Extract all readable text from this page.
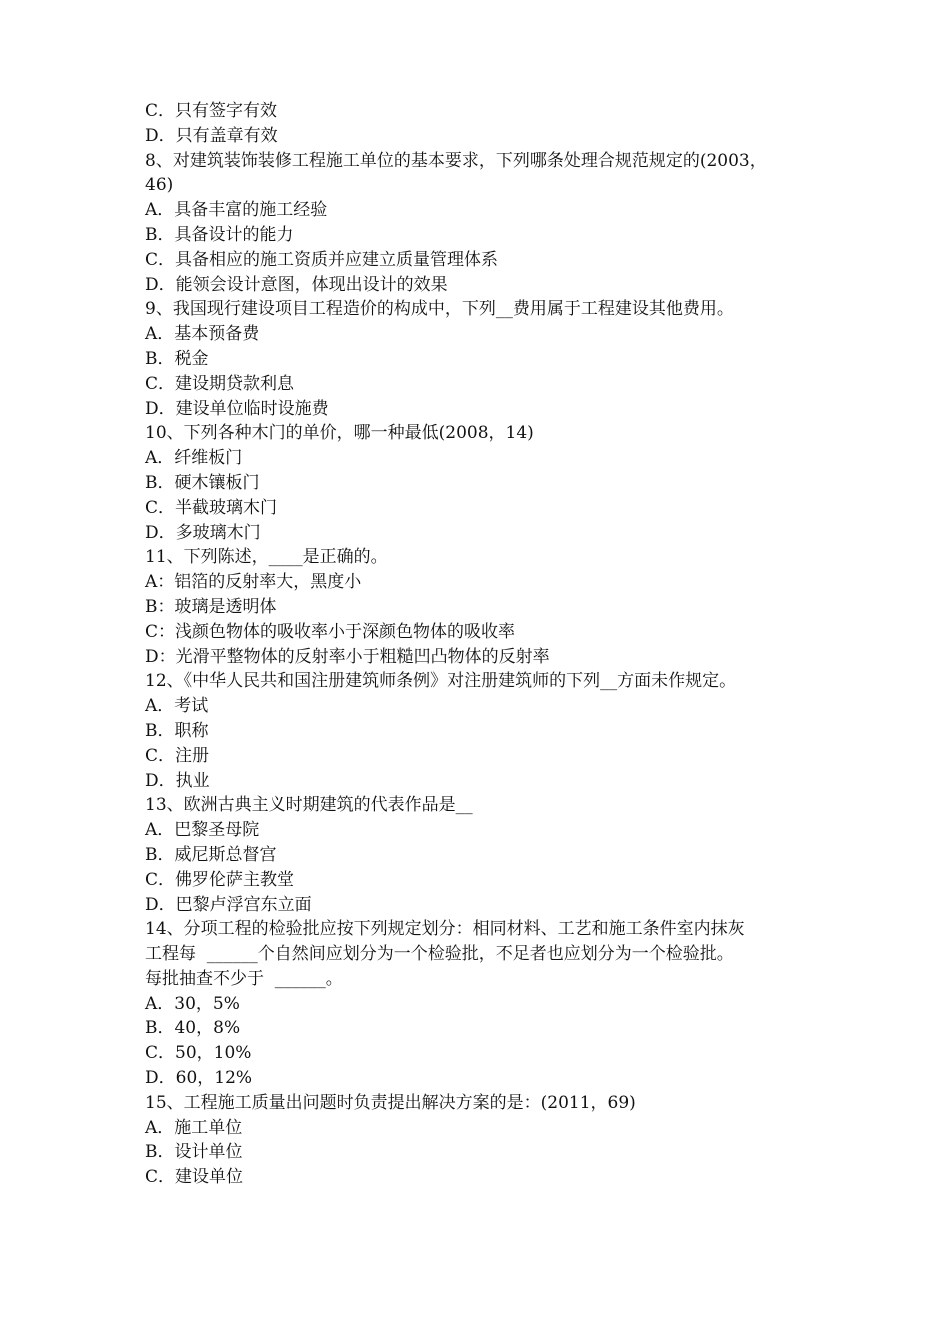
C．只有签字有效
D．只有盖章有效
8、对建筑装饰装修工程施工单位的基本要求，下列哪条处理合规范规定的(2003，
46)
A．具备丰富的施工经验
B．具备设计的能力
C．具备相应的施工资质并应建立质量管理体系
D．能领会设计意图，体现出设计的效果
9、我国现行建设项目工程造价的构成中，下列__费用属于工程建设其他费用。
A．基本预备费
B．税金
C．建设期贷款利息
D．建设单位临时设施费
10、下列各种木门的单价，哪一种最低(2008，14)
A．纤维板门
B．硬木镶板门
C．半截玻璃木门
D．多玻璃木门
11、下列陈述，____是正确的。
A：铝箔的反射率大，黑度小
B：玻璃是透明体
C：浅颜色物体的吸收率小于深颜色物体的吸收率
D：光滑平整物体的反射率小于粗糙凹凸物体的反射率
12、《中华人民共和国注册建筑师条例》对注册建筑师的下列__方面未作规定。
A．考试
B．职称
C．注册
D．执业
13、欧洲古典主义时期建筑的代表作品是__
A．巴黎圣母院
B．威尼斯总督宫
C．佛罗伦萨主教堂
D．巴黎卢浮宫东立面
14、分项工程的检验批应按下列规定划分：相同材料、工艺和施工条件室内抹灰
工程每  ______个自然间应划分为一个检验批，不足者也应划分为一个检验批。
每批抽查不少于  ______。
A．30，5%
B．40，8%
C．50，10%
D．60，12%
15、工程施工质量出问题时负责提出解决方案的是：(2011，69)
A．施工单位
B．设计单位
C．建设单位
